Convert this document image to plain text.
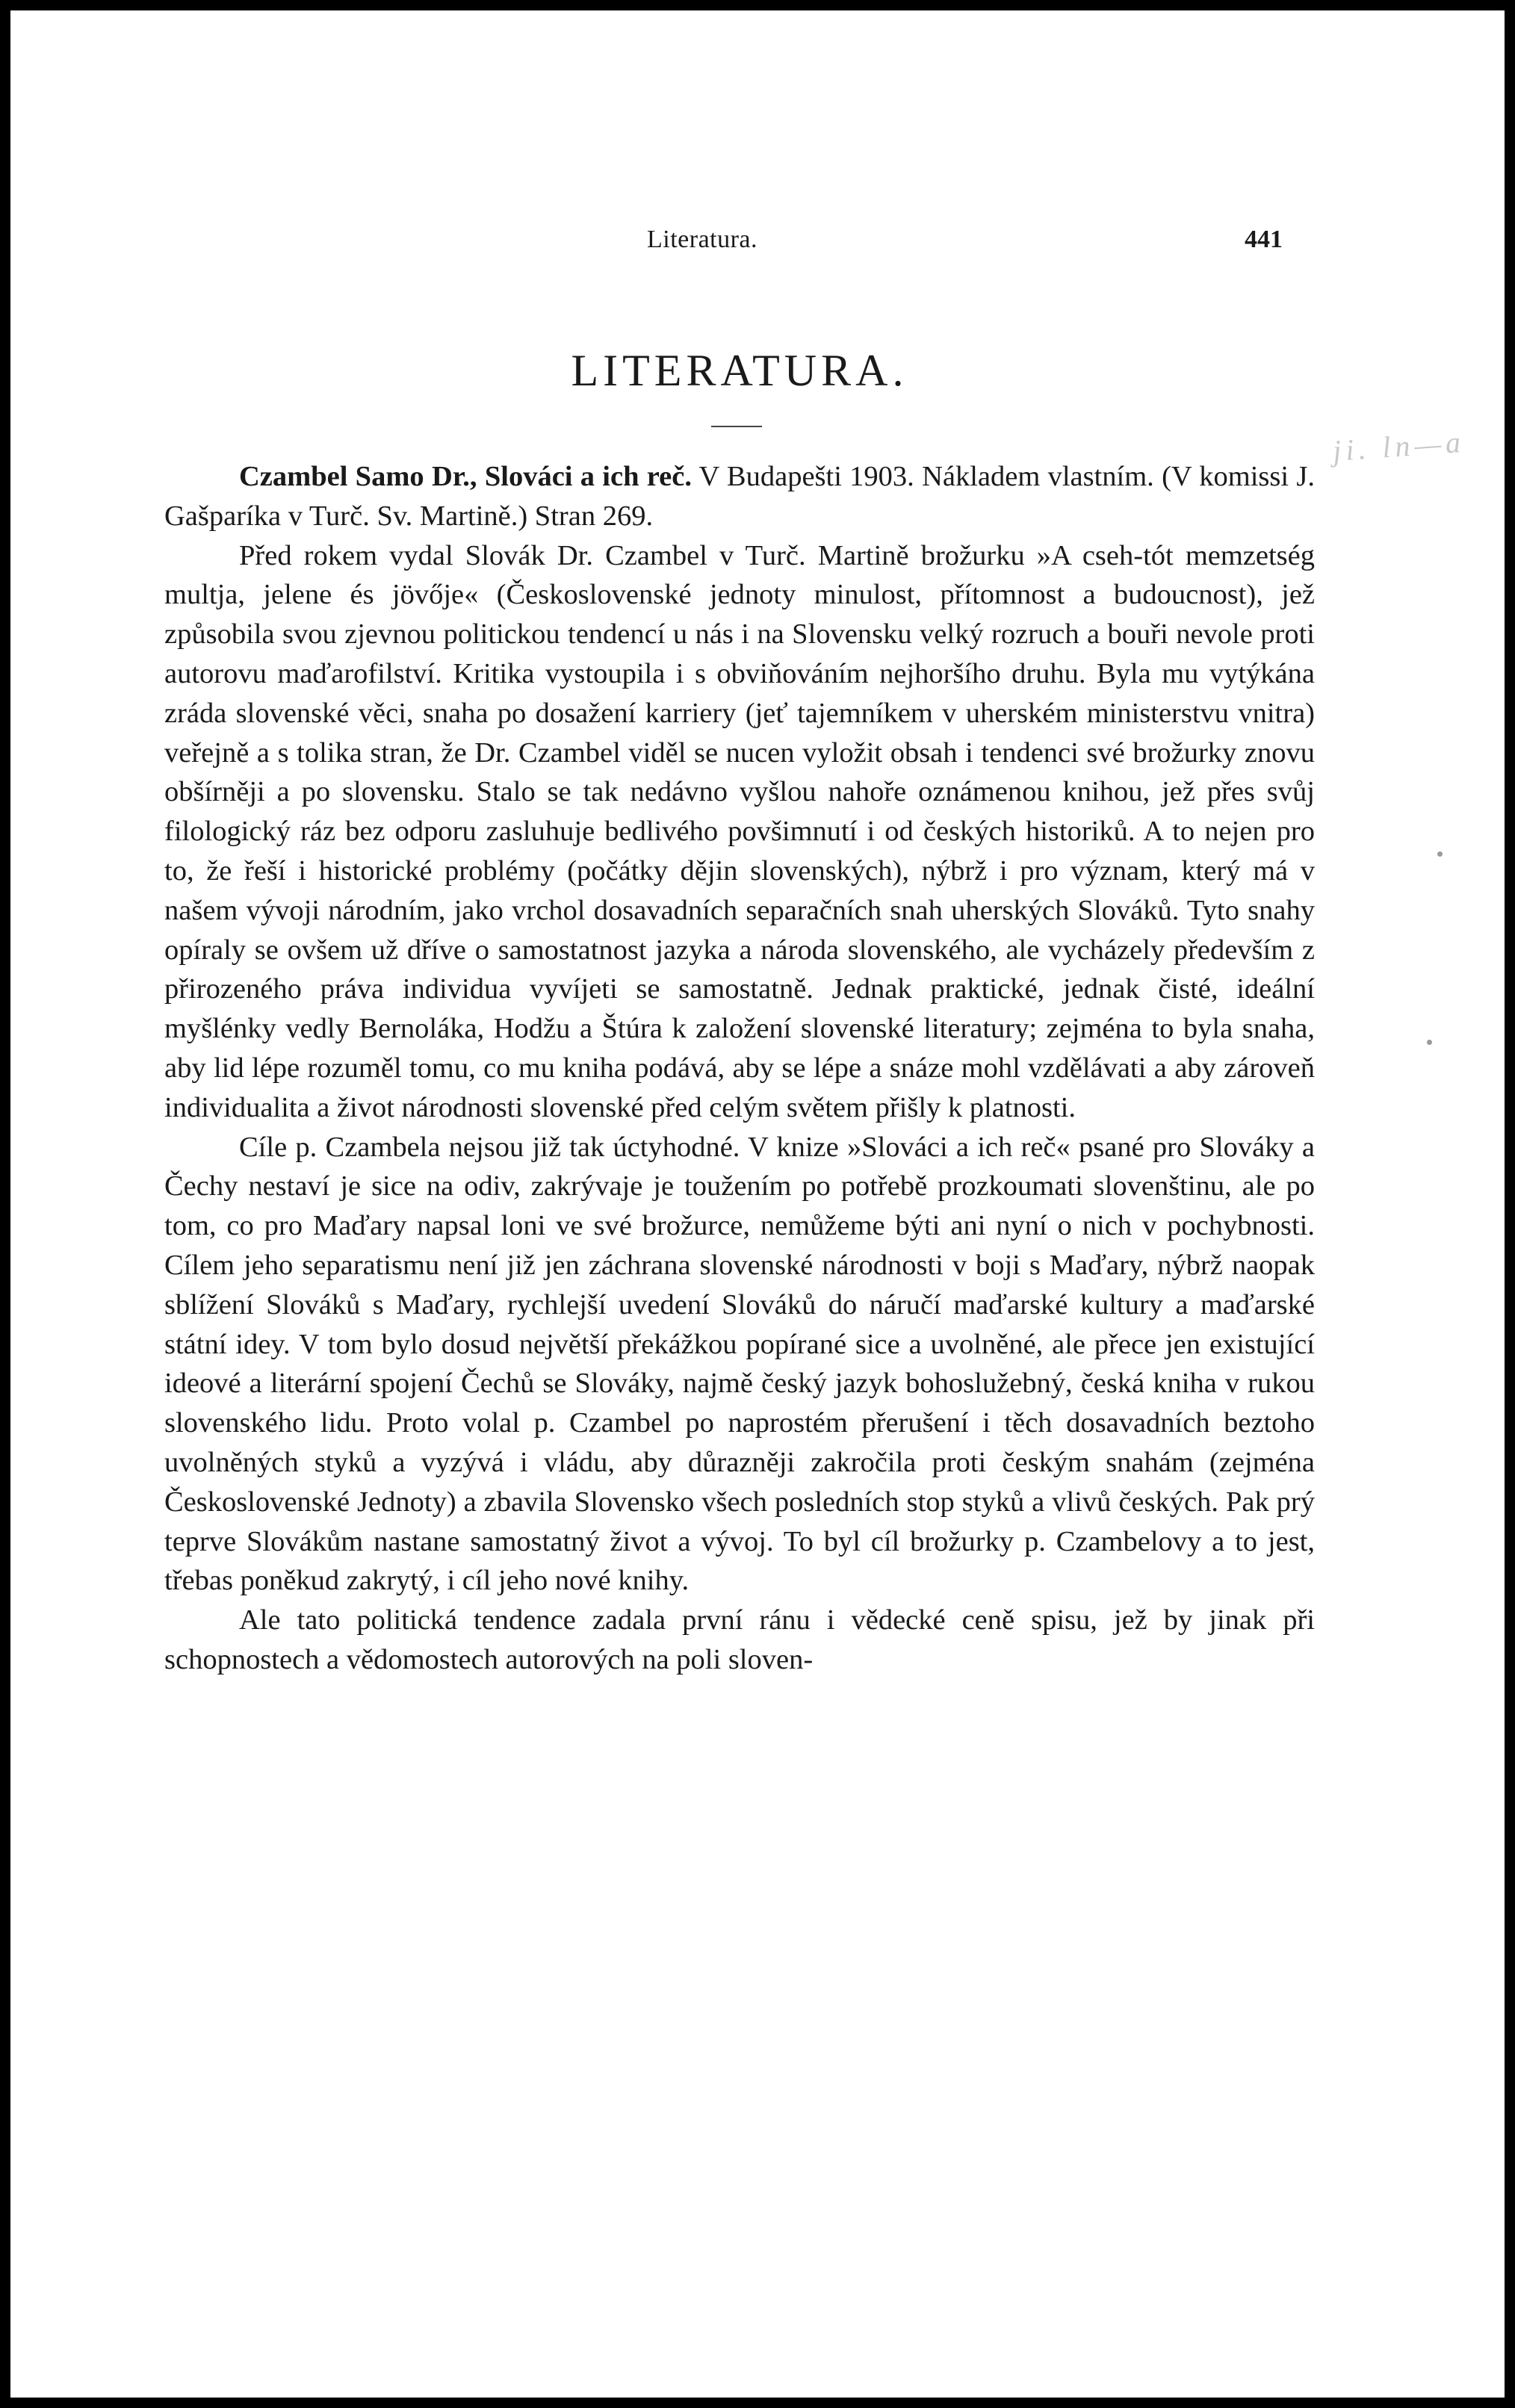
Literatura.	441
LITERATURA.
ji. ln—a

Czambel Samo Dr., Slováci a ich reč. V Budapešti 1903. Nákladem vlastním. (V komissi J. Gašparíka v Turč. Sv. Martině.) Stran 269.

Před rokem vydal Slovák Dr. Czambel v Turč. Martině brožurku »A cseh-tót memzetség multja, jelene és jövője« (Československé jednoty minulost, přítomnost a budoucnost), jež způsobila svou zjevnou politickou tendencí u nás i na Slovensku velký rozruch a bouři nevole proti autorovu maďarofilství. Kritika vystoupila i s obviňováním nejhoršího druhu. Byla mu vytýkána zráda slovenské věci, snaha po dosažení karriery (jeť tajemníkem v uherském ministerstvu vnitra) veřejně a s tolika stran, že Dr. Czambel viděl se nucen vyložit obsah i tendenci své brožurky znovu obšírněji a po slovensku. Stalo se tak nedávno vyšlou nahoře oznámenou knihou, jež přes svůj filologický ráz bez odporu zasluhuje bedlivého povšimnutí i od českých historiků. A to nejen pro to, že řeší i historické problémy (počátky dějin slovenských), nýbrž i pro význam, který má v našem vývoji národním, jako vrchol dosavadních separačních snah uherských Slováků. Tyto snahy opíraly se ovšem už dříve o samostatnost jazyka a národa slovenského, ale vycházely především z přirozeného práva individua vyvíjeti se samostatně. Jednak praktické, jednak čisté, ideální myšlénky vedly Bernoláka, Hodžu a Štúra k založení slovenské literatury; zejména to byla snaha, aby lid lépe rozuměl tomu, co mu kniha podává, aby se lépe a snáze mohl vzdělávati a aby zároveň individualita a život národnosti slovenské před celým světem přišly k platnosti.

Cíle p. Czambela nejsou již tak úctyhodné. V knize »Slováci a ich reč« psané pro Slováky a Čechy nestaví je sice na odiv, zakrývaje je toužením po potřebě prozkoumati slovenštinu, ale po tom, co pro Maďary napsal loni ve své brožurce, nemůžeme býti ani nyní o nich v pochybnosti. Cílem jeho separatismu není již jen záchrana slovenské národnosti v boji s Maďary, nýbrž naopak sblížení Slováků s Maďary, rychlejší uvedení Slováků do náručí maďarské kultury a maďarské státní idey. V tom bylo dosud největší překážkou popírané sice a uvolněné, ale přece jen existující ideové a literární spojení Čechů se Slováky, najmě český jazyk bohoslužebný, česká kniha v rukou slovenského lidu. Proto volal p. Czambel po naprostém přerušení i těch dosavadních beztoho uvolněných styků a vyzývá i vládu, aby důrazněji zakročila proti českým snahám (zejména Československé Jednoty) a zbavila Slovensko všech posledních stop styků a vlivů českých. Pak prý teprve Slovákům nastane samostatný život a vývoj. To byl cíl brožurky p. Czambelovy a to jest, třebas poněkud zakrytý, i cíl jeho nové knihy.

Ale tato politická tendence zadala první ránu i vědecké ceně spisu, jež by jinak při schopnostech a vědomostech autorových na poli sloven-
